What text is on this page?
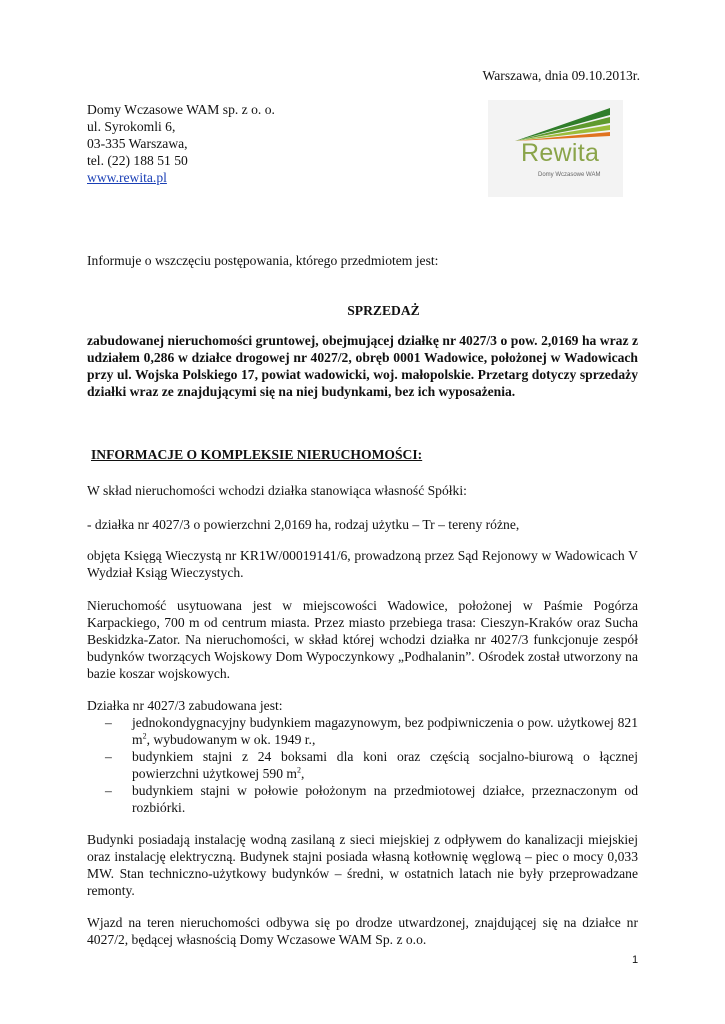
Warszawa, dnia 09.10.2013r.
Domy Wczasowe WAM sp. z o. o.
ul. Syrokomli 6,
03-335 Warszawa,
tel. (22) 188 51 50
www.rewita.pl
Rewita
Domy Wczasowe WAM
Informuje o wszczęciu postępowania, którego przedmiotem jest:
SPRZEDAŻ
zabudowanej nieruchomości gruntowej, obejmującej działkę nr 4027/3 o pow. 2,0169 ha wraz z udziałem 0,286 w działce drogowej nr 4027/2, obręb 0001 Wadowice, położonej w Wadowicach przy ul. Wojska Polskiego 17, powiat wadowicki, woj. małopolskie. Przetarg dotyczy sprzedaży działki wraz ze znajdującymi się na niej budynkami, bez ich wyposażenia.
INFORMACJE O KOMPLEKSIE NIERUCHOMOŚCI:
W skład nieruchomości wchodzi działka stanowiąca własność Spółki:
- działka nr 4027/3 o powierzchni 2,0169 ha, rodzaj użytku – Tr – tereny różne,
objęta Księgą Wieczystą nr KR1W/00019141/6, prowadzoną przez Sąd Rejonowy w Wadowicach V Wydział Ksiąg Wieczystych.
Nieruchomość usytuowana jest w miejscowości Wadowice, położonej w Paśmie Pogórza Karpackiego, 700 m od centrum miasta. Przez miasto przebiega trasa: Cieszyn-Kraków oraz Sucha Beskidzka-Zator. Na nieruchomości, w skład której wchodzi działka nr 4027/3 funkcjonuje zespół budynków tworzących Wojskowy Dom Wypoczynkowy „Podhalanin”. Ośrodek został utworzony na bazie koszar wojskowych.
Działka nr 4027/3 zabudowana jest:
– jednokondygnacyjny budynkiem magazynowym, bez podpiwniczenia o pow. użytkowej 821 $m^2$, wybudowanym w ok. 1949 r.,
– budynkiem stajni z 24 boksami dla koni oraz częścią socjalno-biurową o łącznej powierzchni użytkowej 590 $m^2$,
– budynkiem stajni w połowie położonym na przedmiotowej działce, przeznaczonym od rozbiórki.
Budynki posiadają instalację wodną zasilaną z sieci miejskiej z odpływem do kanalizacji miejskiej oraz instalację elektryczną. Budynek stajni posiada własną kotłownię węglową – piec o mocy 0,033 MW. Stan techniczno-użytkowy budynków – średni, w ostatnich latach nie były przeprowadzane remonty.
Wjazd na teren nieruchomości odbywa się po drodze utwardzonej, znajdującej się na działce nr 4027/2, będącej własnością Domy Wczasowe WAM Sp. z o.o.
1
